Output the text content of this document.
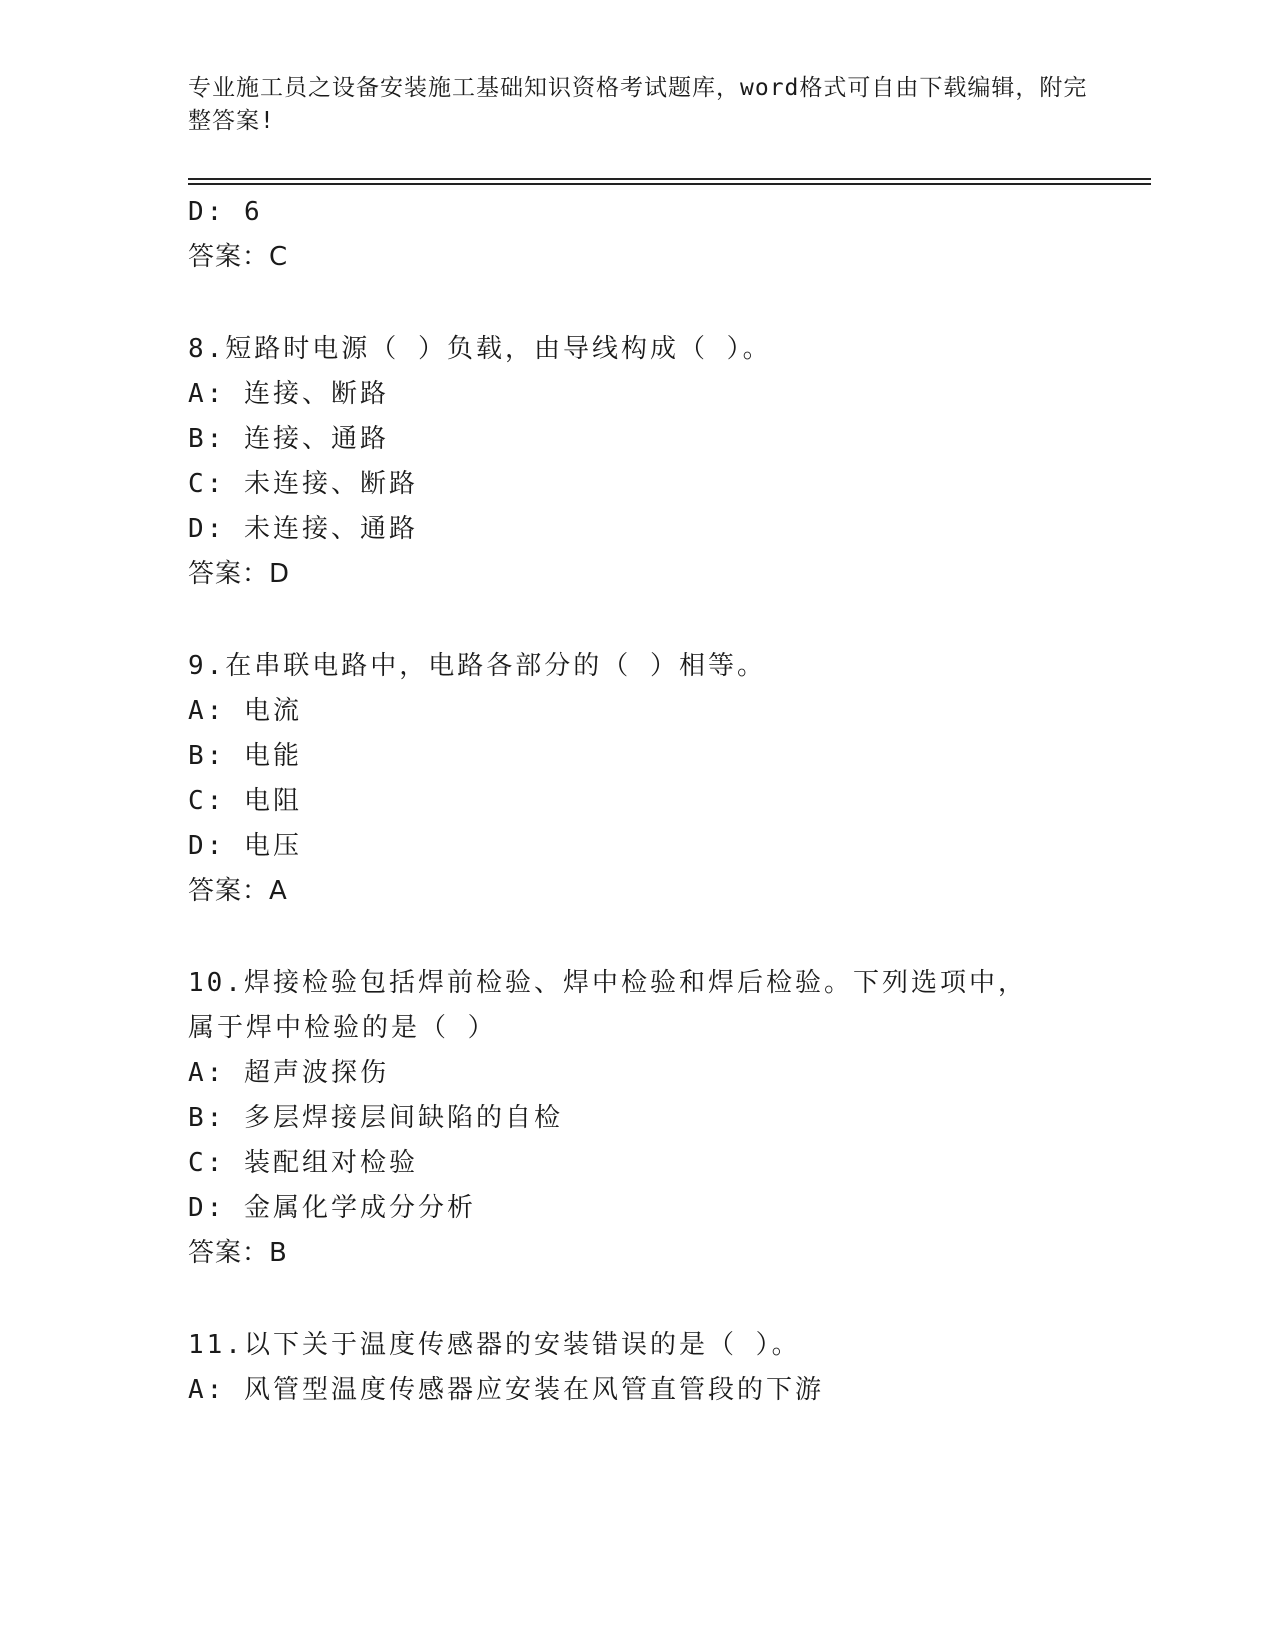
专业施工员之设备安装施工基础知识资格考试题库，word格式可自由下载编辑，附完整答案!
D: 6
答案：C
8.短路时电源（ ）负载，由导线构成（ ）。
A: 连接、断路
B: 连接、通路
C: 未连接、断路
D: 未连接、通路
答案：D
9.在串联电路中，电路各部分的（ ）相等。
A: 电流
B: 电能
C: 电阻
D: 电压
答案：A
10.焊接检验包括焊前检验、焊中检验和焊后检验。下列选项中，属于焊中检验的是（ ）
A: 超声波探伤
B: 多层焊接层间缺陷的自检
C: 装配组对检验
D: 金属化学成分分析
答案：B
11.以下关于温度传感器的安装错误的是（ ）。
A: 风管型温度传感器应安装在风管直管段的下游
